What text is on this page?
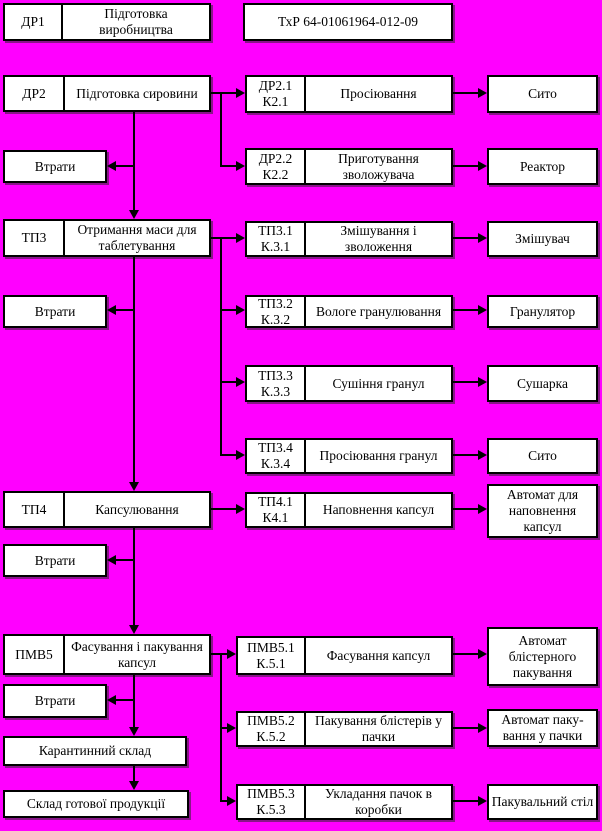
ДР1
Підготовка виробництва
ТхР 64-01061964-012-09
ДР2	Підготовка сировини
Втрати
ДР2.1
К2.1
Просіювання	Сито
ДР2.2
К2.2
Приготування зволожувача
Реактор
ТП3
Отримання маси для таблетування
Втрати
ТП3.1
К.3.1
Змішування і зволоження
Змішувач
ТП3.2
К.3.2
Вологе гранулювання	Гранулятор
ТП3.3
К.3.3
Сушіння гранул	Сушарка
ТП3.4
К.3.4
Просіювання гранул	Сито
ТП4	Капсулювання
Втрати
ТП4.1
К4.1
Наповнення капсул
Автомат для наповнення капсул
ПМВ5
Фасування і пакування капсул
Втрати
Карантинний склад
Склад готової продукції
ПМВ5.1
К.5.1
Фасування капсул
Автомат блістерного пакування
ПМВ5.2
К.5.2
Пакування блістерів у пачки
Автомат паку-вання у пачки
ПМВ5.3
К.5.3
Укладання пачок в коробки
Пакувальний стіл
